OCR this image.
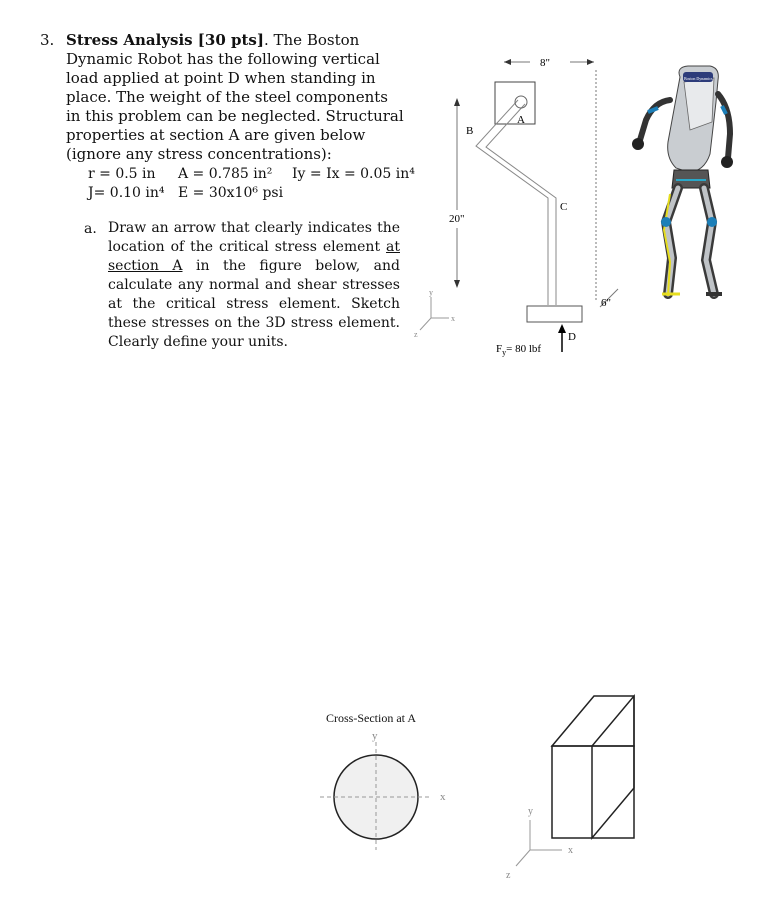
3. Stress Analysis [30 pts]. The Boston Dynamic Robot has the following vertical load applied at point D when standing in place. The weight of the steel components in this problem can be neglected. Structural properties at section A are given below (ignore any stress concentrations):
r = 0.5 in A = 0.785 in² Iy = Ix = 0.05 in⁴
J= 0.10 in⁴ E = 30x10⁶ psi
a. Draw an arrow that clearly indicates the location of the critical stress element at section A in the figure below, and calculate any normal and shear stresses at the critical stress element. Sketch these stresses on the 3D stress element. Clearly define your units.
8"
20"
6"
A
B
C
D
$F_y= 80$ lbf
y
x
z
Boston Dynamics
Cross-Section at A
y
x
y
x
z
